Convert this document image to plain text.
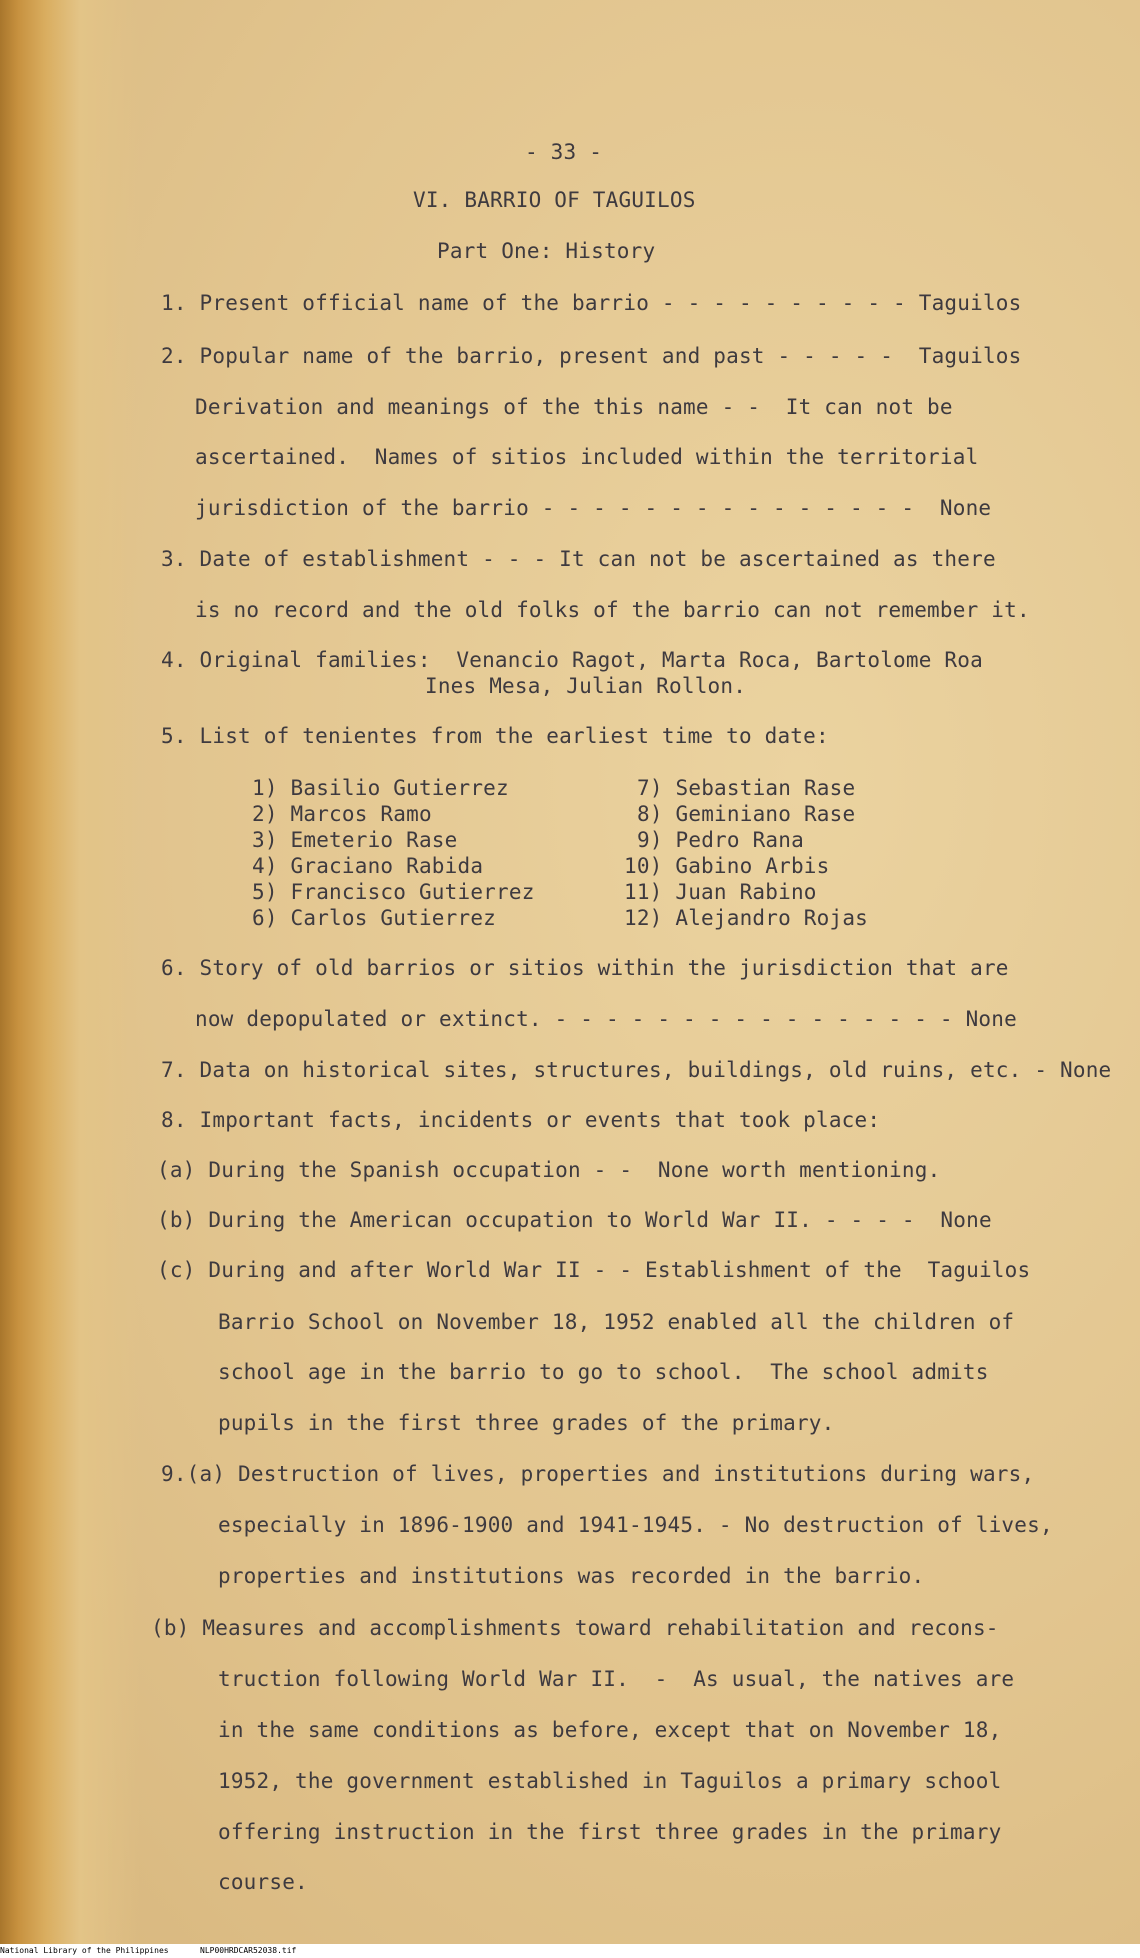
- 33 -
VI. BARRIO OF TAGUILOS
Part One: History
1. Present official name of the barrio - - - - - - - - - - Taguilos
2. Popular name of the barrio, present and past - - - - -  Taguilos
Derivation and meanings of the this name - -  It can not be
ascertained.  Names of sitios included within the territorial
jurisdiction of the barrio - - - - - - - - - - - - - - -  None
3. Date of establishment - - - It can not be ascertained as there
is no record and the old folks of the barrio can not remember it.
4. Original families:  Venancio Ragot, Marta Roca, Bartolome Roa
Ines Mesa, Julian Rollon.
5. List of tenientes from the earliest time to date:
1) Basilio Gutierrez
2) Marcos Ramo
3) Emeterio Rase
4) Graciano Rabida
5) Francisco Gutierrez
6) Carlos Gutierrez
7) Sebastian Rase
8) Geminiano Rase
9) Pedro Rana
10) Gabino Arbis
11) Juan Rabino
12) Alejandro Rojas
6. Story of old barrios or sitios within the jurisdiction that are
now depopulated or extinct. - - - - - - - - - - - - - - - - None
7. Data on historical sites, structures, buildings, old ruins, etc. - None
8. Important facts, incidents or events that took place:
(a) During the Spanish occupation - -  None worth mentioning.
(b) During the American occupation to World War II. - - - -  None
(c) During and after World War II - - Establishment of the  Taguilos
Barrio School on November 18, 1952 enabled all the children of
school age in the barrio to go to school.  The school admits
pupils in the first three grades of the primary.
9.(a) Destruction of lives, properties and institutions during wars,
especially in 1896-1900 and 1941-1945. - No destruction of lives,
properties and institutions was recorded in the barrio.
(b) Measures and accomplishments toward rehabilitation and recons-
truction following World War II.  -  As usual, the natives are
in the same conditions as before, except that on November 18,
1952, the government established in Taguilos a primary school
offering instruction in the first three grades in the primary
course.
National Library of the Philippines	NLP00HRDCAR52038.tif
